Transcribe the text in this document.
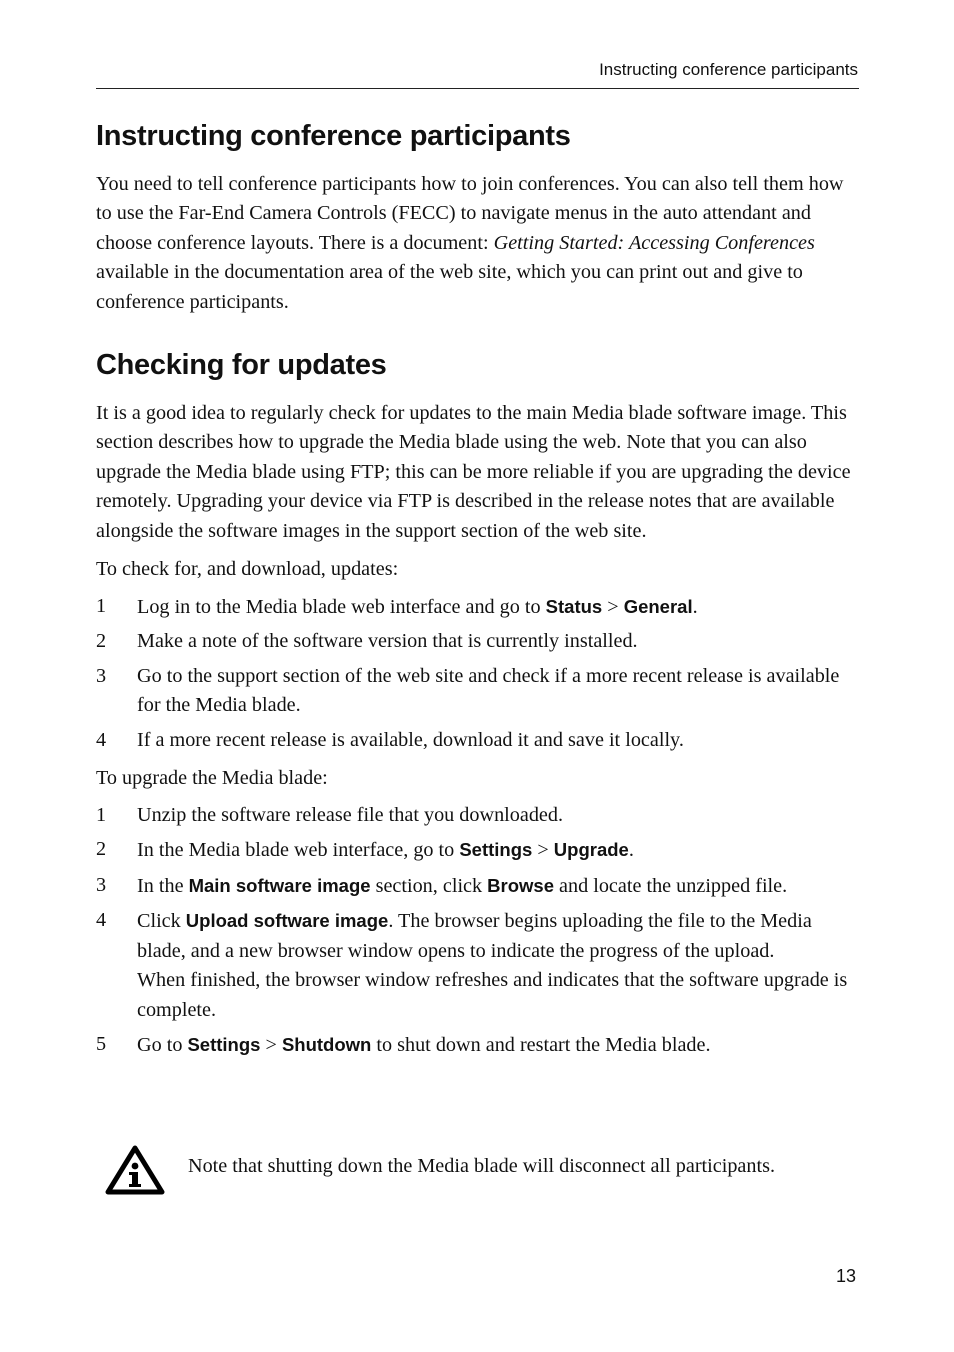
Instructing conference participants
Instructing conference participants

You need to tell conference participants how to join conferences. You can also tell them how to use the Far-End Camera Controls (FECC) to navigate menus in the auto attendant and choose conference layouts. There is a document: Getting Started: Accessing Conferences available in the documentation area of the web site, which you can print out and give to conference participants.

Checking for updates

It is a good idea to regularly check for updates to the main Media blade software image. This section describes how to upgrade the Media blade using the web. Note that you can also upgrade the Media blade using FTP; this can be more reliable if you are upgrading the device remotely. Upgrading your device via FTP is described in the release notes that are available alongside the software images in the support section of the web site.

To check for, and download, updates:

1 Log in to the Media blade web interface and go to Status > General.
2 Make a note of the software version that is currently installed.
3 Go to the support section of the web site and check if a more recent release is available for the Media blade.
4 If a more recent release is available, download it and save it locally.

To upgrade the Media blade:

1 Unzip the software release file that you downloaded.
2 In the Media blade web interface, go to Settings > Upgrade.
3 In the Main software image section, click Browse and locate the unzipped file.
4 Click Upload software image. The browser begins uploading the file to the Media blade, and a new browser window opens to indicate the progress of the upload.
When finished, the browser window refreshes and indicates that the software upgrade is complete.
5 Go to Settings > Shutdown to shut down and restart the Media blade.
Note that shutting down the Media blade will disconnect all participants.
13
